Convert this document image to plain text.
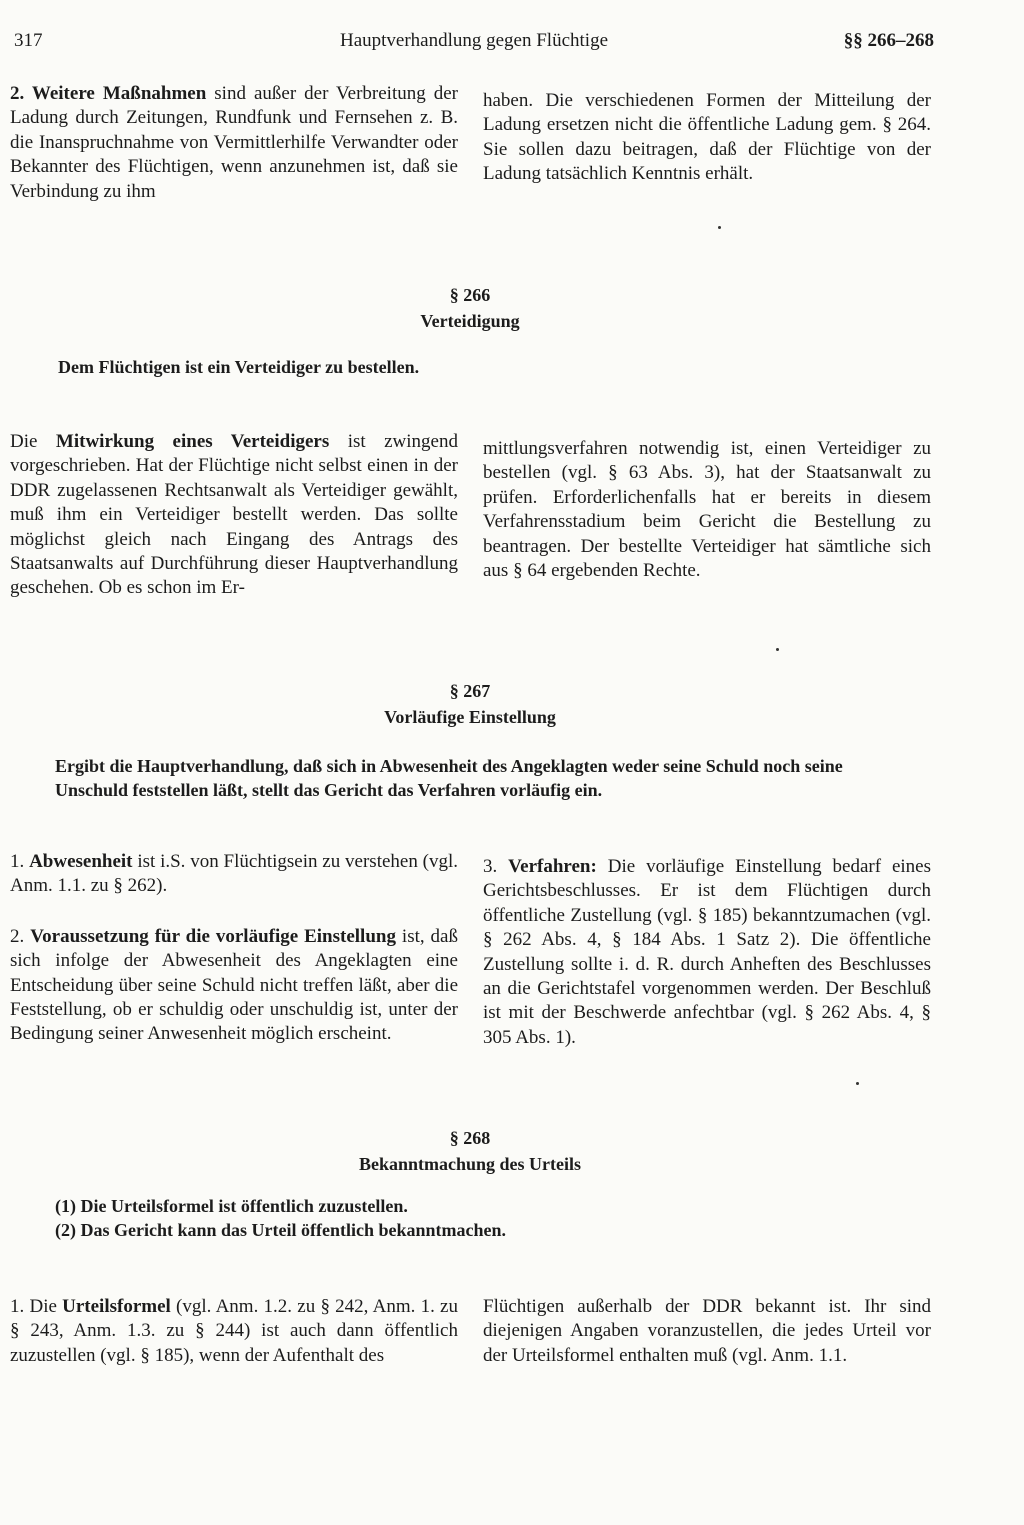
317	Hauptverhandlung gegen Flüchtige	§§ 266–268

2. Weitere Maßnahmen sind außer der Verbreitung der Ladung durch Zeitungen, Rundfunk und Fernsehen z. B. die Inanspruchnahme von Vermittlerhilfe Verwandter oder Bekannter des Flüchtigen, wenn anzunehmen ist, daß sie Verbindung zu ihm

haben. Die verschiedenen Formen der Mitteilung der Ladung ersetzen nicht die öffentliche Ladung gem. § 264. Sie sollen dazu beitragen, daß der Flüchtige von der Ladung tatsächlich Kenntnis erhält.

§ 266
Verteidigung

Dem Flüchtigen ist ein Verteidiger zu bestellen.

Die Mitwirkung eines Verteidigers ist zwingend vorgeschrieben. Hat der Flüchtige nicht selbst einen in der DDR zugelassenen Rechtsanwalt als Verteidiger gewählt, muß ihm ein Verteidiger bestellt werden. Das sollte möglichst gleich nach Eingang des Antrags des Staatsanwalts auf Durchführung dieser Hauptverhandlung geschehen. Ob es schon im Er-

mittlungsverfahren notwendig ist, einen Verteidiger zu bestellen (vgl. § 63 Abs. 3), hat der Staatsanwalt zu prüfen. Erforderlichenfalls hat er bereits in diesem Verfahrensstadium beim Gericht die Bestellung zu beantragen. Der bestellte Verteidiger hat sämtliche sich aus § 64 ergebenden Rechte.

§ 267
Vorläufige Einstellung

Ergibt die Hauptverhandlung, daß sich in Abwesenheit des Angeklagten weder seine Schuld noch seine Unschuld feststellen läßt, stellt das Gericht das Verfahren vorläufig ein.

1. Abwesenheit ist i.S. von Flüchtigsein zu verstehen (vgl. Anm. 1.1. zu § 262).

2. Voraussetzung für die vorläufige Einstellung ist, daß sich infolge der Abwesenheit des Angeklagten eine Entscheidung über seine Schuld nicht treffen läßt, aber die Feststellung, ob er schuldig oder unschuldig ist, unter der Bedingung seiner Anwesenheit möglich erscheint.

3. Verfahren: Die vorläufige Einstellung bedarf eines Gerichtsbeschlusses. Er ist dem Flüchtigen durch öffentliche Zustellung (vgl. § 185) bekanntzumachen (vgl. § 262 Abs. 4, § 184 Abs. 1 Satz 2). Die öffentliche Zustellung sollte i. d. R. durch Anheften des Beschlusses an die Gerichtstafel vorgenommen werden. Der Beschluß ist mit der Beschwerde anfechtbar (vgl. § 262 Abs. 4, § 305 Abs. 1).

§ 268
Bekanntmachung des Urteils

(1) Die Urteilsformel ist öffentlich zuzustellen.

(2) Das Gericht kann das Urteil öffentlich bekanntmachen.

1. Die Urteilsformel (vgl. Anm. 1.2. zu § 242, Anm. 1. zu § 243, Anm. 1.3. zu § 244) ist auch dann öffentlich zuzustellen (vgl. § 185), wenn der Aufenthalt des

Flüchtigen außerhalb der DDR bekannt ist. Ihr sind diejenigen Angaben voranzustellen, die jedes Urteil vor der Urteilsformel enthalten muß (vgl. Anm. 1.1.
